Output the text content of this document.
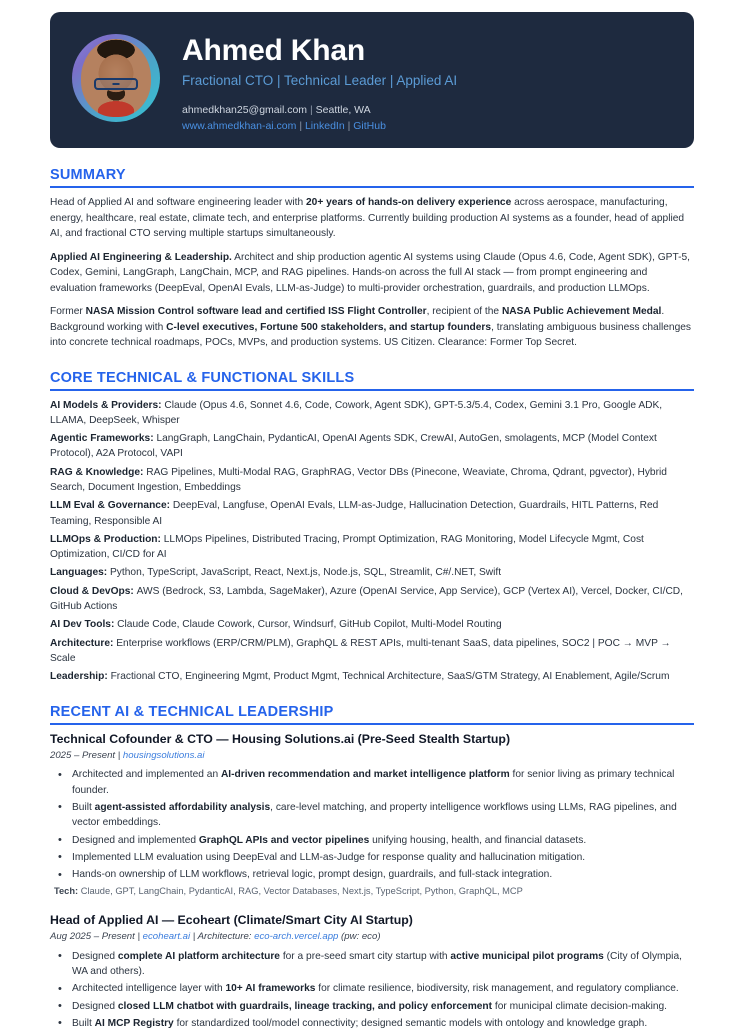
Ahmed Khan
Fractional CTO | Technical Leader | Applied AI
ahmedkhan25@gmail.com | Seattle, WA
www.ahmedkhan-ai.com | LinkedIn | GitHub
SUMMARY

Head of Applied AI and software engineering leader with 20+ years of hands-on delivery experience across aerospace, manufacturing, energy, healthcare, real estate, climate tech, and enterprise platforms. Currently building production AI systems as a founder, head of applied AI, and fractional CTO serving multiple startups simultaneously.

Applied AI Engineering & Leadership. Architect and ship production agentic AI systems using Claude (Opus 4.6, Code, Agent SDK), GPT-5, Codex, Gemini, LangGraph, LangChain, MCP, and RAG pipelines. Hands-on across the full AI stack — from prompt engineering and evaluation frameworks (DeepEval, OpenAI Evals, LLM-as-Judge) to multi-provider orchestration, guardrails, and production LLMOps.

Former NASA Mission Control software lead and certified ISS Flight Controller, recipient of the NASA Public Achievement Medal. Background working with C-level executives, Fortune 500 stakeholders, and startup founders, translating ambiguous business challenges into concrete technical roadmaps, POCs, MVPs, and production systems. US Citizen. Clearance: Former Top Secret.

CORE TECHNICAL & FUNCTIONAL SKILLS
AI Models & Providers: Claude (Opus 4.6, Sonnet 4.6, Code, Cowork, Agent SDK), GPT-5.3/5.4, Codex, Gemini 3.1 Pro, Google ADK, LLAMA, DeepSeek, Whisper
Agentic Frameworks: LangGraph, LangChain, PydanticAI, OpenAI Agents SDK, CrewAI, AutoGen, smolagents, MCP (Model Context Protocol), A2A Protocol, VAPI
RAG & Knowledge: RAG Pipelines, Multi-Modal RAG, GraphRAG, Vector DBs (Pinecone, Weaviate, Chroma, Qdrant, pgvector), Hybrid Search, Document Ingestion, Embeddings
LLM Eval & Governance: DeepEval, Langfuse, OpenAI Evals, LLM-as-Judge, Hallucination Detection, Guardrails, HITL Patterns, Red Teaming, Responsible AI
LLMOps & Production: LLMOps Pipelines, Distributed Tracing, Prompt Optimization, RAG Monitoring, Model Lifecycle Mgmt, Cost Optimization, CI/CD for AI
Languages: Python, TypeScript, JavaScript, React, Next.js, Node.js, SQL, Streamlit, C#/.NET, Swift
Cloud & DevOps: AWS (Bedrock, S3, Lambda, SageMaker), Azure (OpenAI Service, App Service), GCP (Vertex AI), Vercel, Docker, CI/CD, GitHub Actions
AI Dev Tools: Claude Code, Claude Cowork, Cursor, Windsurf, GitHub Copilot, Multi-Model Routing
Architecture: Enterprise workflows (ERP/CRM/PLM), GraphQL & REST APIs, multi-tenant SaaS, data pipelines, SOC2 | POC → MVP → Scale
Leadership: Fractional CTO, Engineering Mgmt, Product Mgmt, Technical Architecture, SaaS/GTM Strategy, AI Enablement, Agile/Scrum
RECENT AI & TECHNICAL LEADERSHIP
Technical Cofounder & CTO — Housing Solutions.ai (Pre-Seed Stealth Startup)
2025 – Present | housingsolutions.ai
• Architected and implemented an AI-driven recommendation and market intelligence platform for senior living as primary technical founder.
• Built agent-assisted affordability analysis, care-level matching, and property intelligence workflows using LLMs, RAG pipelines, and vector embeddings.
• Designed and implemented GraphQL APIs and vector pipelines unifying housing, health, and financial datasets.
• Implemented LLM evaluation using DeepEval and LLM-as-Judge for response quality and hallucination mitigation.
• Hands-on ownership of LLM workflows, retrieval logic, prompt design, guardrails, and full-stack integration.
Tech: Claude, GPT, LangChain, PydanticAI, RAG, Vector Databases, Next.js, TypeScript, Python, GraphQL, MCP
Head of Applied AI — Ecoheart (Climate/Smart City AI Startup)
Aug 2025 – Present | ecoheart.ai | Architecture: eco-arch.vercel.app (pw: eco)
• Designed complete AI platform architecture for a pre-seed smart city startup with active municipal pilot programs (City of Olympia, WA and others).
• Architected intelligence layer with 10+ AI frameworks for climate resilience, biodiversity, risk management, and regulatory compliance.
• Designed closed LLM chatbot with guardrails, lineage tracking, and policy enforcement for municipal climate decision-making.
• Built AI MCP Registry for standardized tool/model connectivity; designed semantic models with ontology and knowledge graph.
